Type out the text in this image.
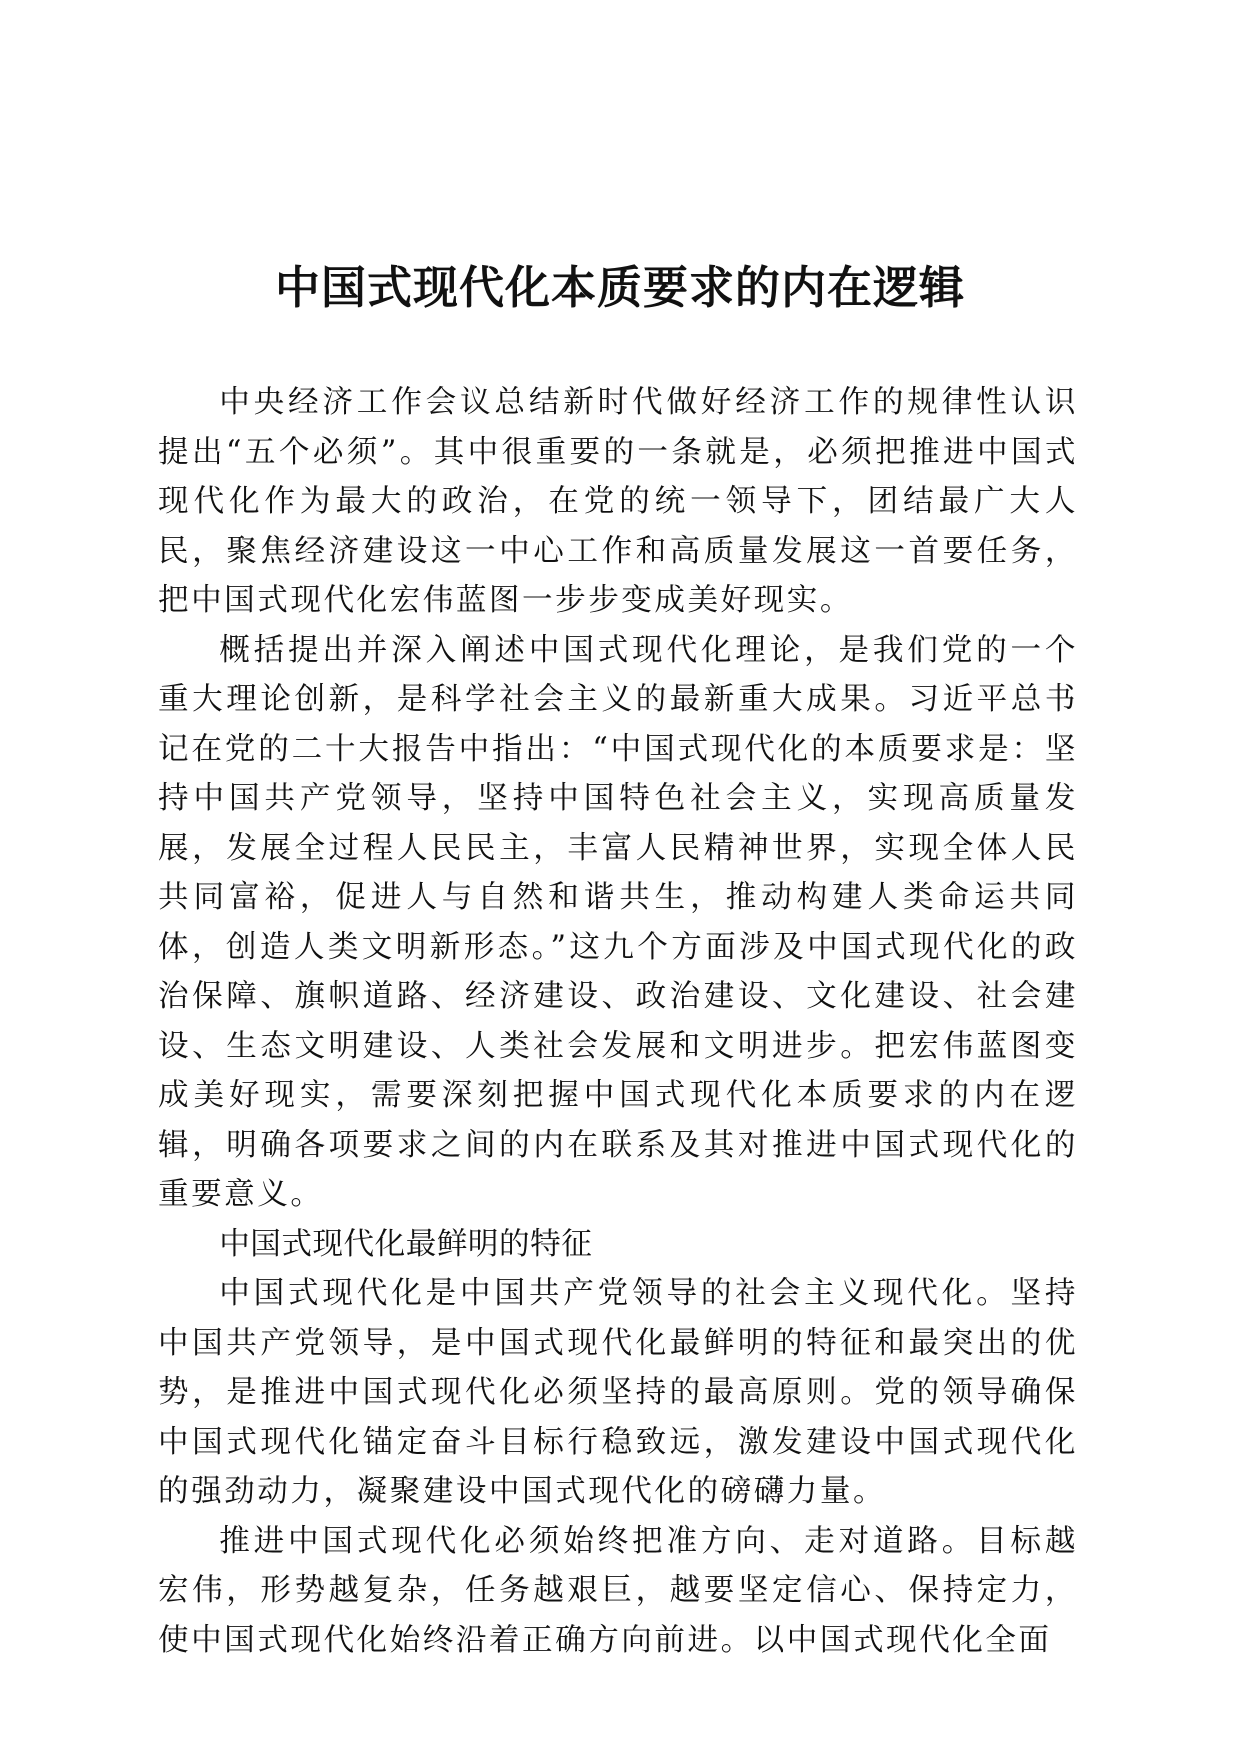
中国式现代化本质要求的内在逻辑

中央经济工作会议总结新时代做好经济工作的规律性认识提出“五个必须”。其中很重要的一条就是，必须把推进中国式现代化作为最大的政治，在党的统一领导下，团结最广大人民，聚焦经济建设这一中心工作和高质量发展这一首要任务，把中国式现代化宏伟蓝图一步步变成美好现实。

概括提出并深入阐述中国式现代化理论，是我们党的一个重大理论创新，是科学社会主义的最新重大成果。习近平总书记在党的二十大报告中指出：“中国式现代化的本质要求是：坚持中国共产党领导，坚持中国特色社会主义，实现高质量发展，发展全过程人民民主，丰富人民精神世界，实现全体人民共同富裕，促进人与自然和谐共生，推动构建人类命运共同体，创造人类文明新形态。”这九个方面涉及中国式现代化的政治保障、旗帜道路、经济建设、政治建设、文化建设、社会建设、生态文明建设、人类社会发展和文明进步。把宏伟蓝图变成美好现实，需要深刻把握中国式现代化本质要求的内在逻辑，明确各项要求之间的内在联系及其对推进中国式现代化的重要意义。

中国式现代化最鲜明的特征

中国式现代化是中国共产党领导的社会主义现代化。坚持中国共产党领导，是中国式现代化最鲜明的特征和最突出的优势，是推进中国式现代化必须坚持的最高原则。党的领导确保中国式现代化锚定奋斗目标行稳致远，激发建设中国式现代化的强劲动力，凝聚建设中国式现代化的磅礴力量。

推进中国式现代化必须始终把准方向、走对道路。目标越宏伟，形势越复杂，任务越艰巨，越要坚定信心、保持定力，使中国式现代化始终沿着正确方向前进。以中国式现代化全面
